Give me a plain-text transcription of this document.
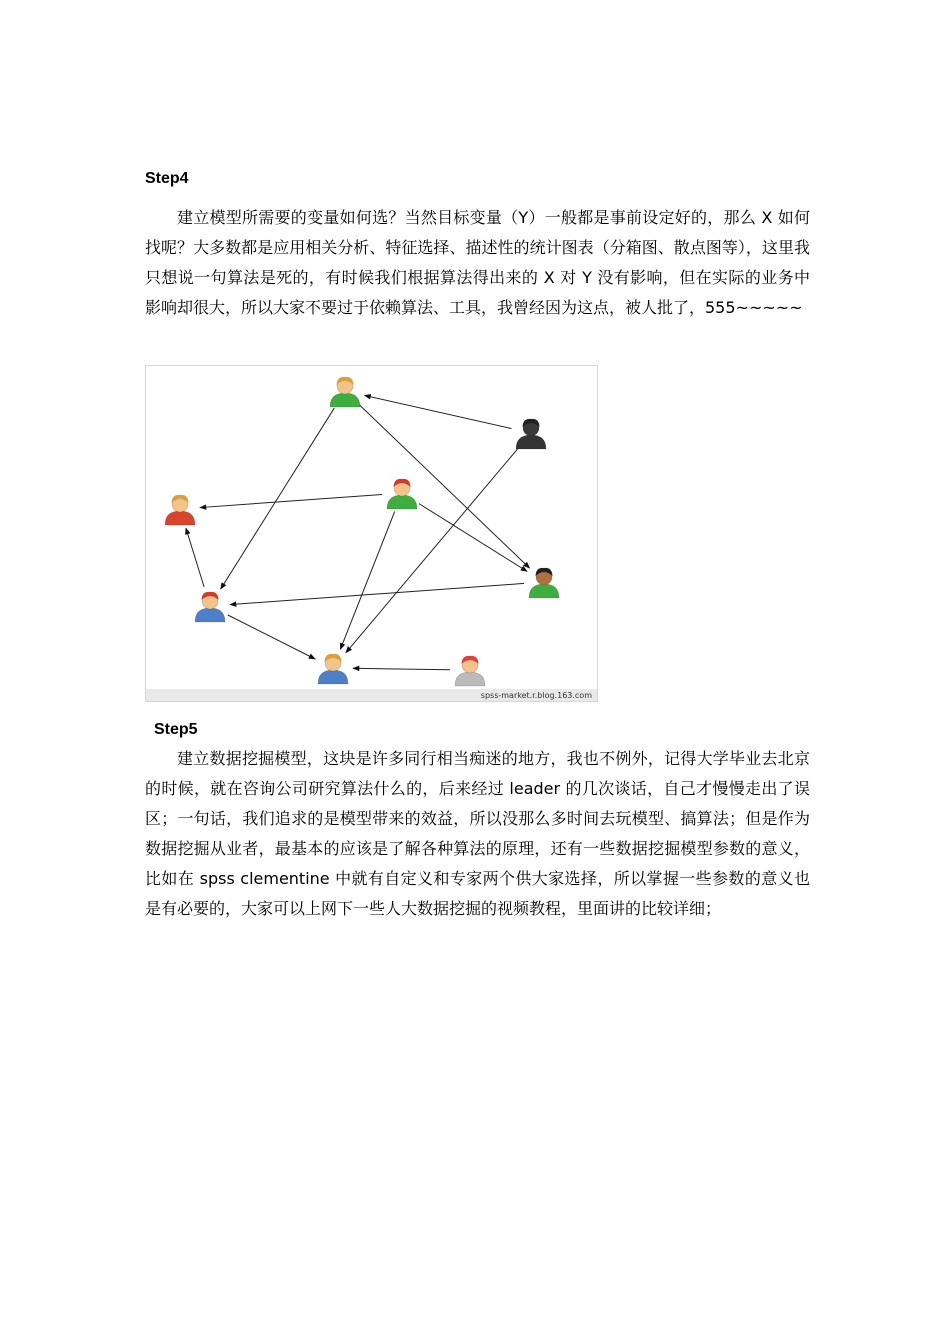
Step4

建立模型所需要的变量如何选？当然目标变量（Y）一般都是事前设定好的，那么 X 如何找呢？大多数都是应用相关分析、特征选择、描述性的统计图表（分箱图、散点图等），这里我只想说一句算法是死的，有时候我们根据算法得出来的 X 对 Y 没有影响，但在实际的业务中影响却很大，所以大家不要过于依赖算法、工具，我曾经因为这点，被人批了，555~~~~~

spss-market.r.blog.163.com
Step5

建立数据挖掘模型，这块是许多同行相当痴迷的地方，我也不例外，记得大学毕业去北京的时候，就在咨询公司研究算法什么的，后来经过 leader 的几次谈话，自己才慢慢走出了误区；一句话，我们追求的是模型带来的效益，所以没那么多时间去玩模型、搞算法；但是作为数据挖掘从业者，最基本的应该是了解各种算法的原理，还有一些数据挖掘模型参数的意义，比如在 spss clementine 中就有自定义和专家两个供大家选择，所以掌握一些参数的意义也是有必要的，大家可以上网下一些人大数据挖掘的视频教程，里面讲的比较详细；
